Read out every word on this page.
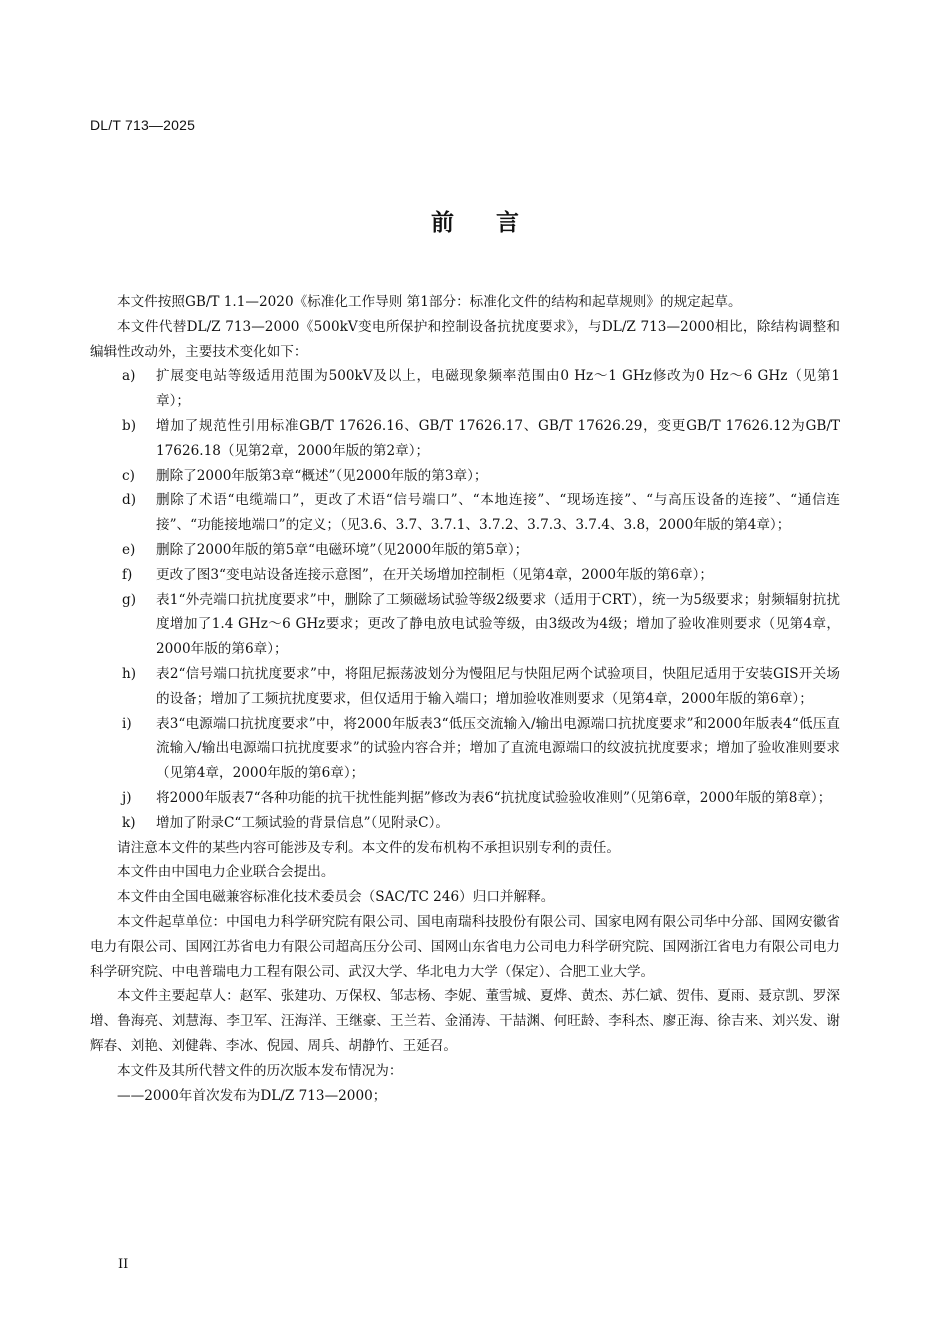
DL/T 713—2025
前言

本文件按照GB/T 1.1—2020《标准化工作导则 第1部分：标准化文件的结构和起草规则》的规定起草。

本文件代替DL/Z 713—2000《500kV变电所保护和控制设备抗扰度要求》，与DL/Z 713—2000相比，除结构调整和编辑性改动外，主要技术变化如下：

a) 扩展变电站等级适用范围为500kV及以上，电磁现象频率范围由0 Hz～1 GHz修改为0 Hz～6 GHz（见第1章）；
b) 增加了规范性引用标准GB/T 17626.16、GB/T 17626.17、GB/T 17626.29，变更GB/T 17626.12为GB/T 17626.18（见第2章，2000年版的第2章）；
c) 删除了2000年版第3章“概述”（见2000年版的第3章）；
d) 删除了术语“电缆端口”，更改了术语“信号端口”、“本地连接”、“现场连接”、“与高压设备的连接”、“通信连接”、“功能接地端口”的定义；（见3.6、3.7、3.7.1、3.7.2、3.7.3、3.7.4、3.8，2000年版的第4章）；
e) 删除了2000年版的第5章“电磁环境”（见2000年版的第5章）；
f) 更改了图3“变电站设备连接示意图”，在开关场增加控制柜（见第4章，2000年版的第6章）；
g) 表1“外壳端口抗扰度要求”中，删除了工频磁场试验等级2级要求（适用于CRT），统一为5级要求；射频辐射抗扰度增加了1.4 GHz～6 GHz要求；更改了静电放电试验等级，由3级改为4级；增加了验收准则要求（见第4章，2000年版的第6章）；
h) 表2“信号端口抗扰度要求”中，将阻尼振荡波划分为慢阻尼与快阻尼两个试验项目，快阻尼适用于安装GIS开关场的设备；增加了工频抗扰度要求，但仅适用于输入端口；增加验收准则要求（见第4章，2000年版的第6章）；
i) 表3“电源端口抗扰度要求”中，将2000年版表3“低压交流输入/输出电源端口抗扰度要求”和2000年版表4“低压直流输入/输出电源端口抗扰度要求”的试验内容合并；增加了直流电源端口的纹波抗扰度要求；增加了验收准则要求（见第4章，2000年版的第6章）；
j) 将2000年版表7“各种功能的抗干扰性能判据”修改为表6“抗扰度试验验收准则”（见第6章，2000年版的第8章）；
k) 增加了附录C“工频试验的背景信息”（见附录C）。

请注意本文件的某些内容可能涉及专利。本文件的发布机构不承担识别专利的责任。

本文件由中国电力企业联合会提出。

本文件由全国电磁兼容标准化技术委员会（SAC/TC 246）归口并解释。

本文件起草单位：中国电力科学研究院有限公司、国电南瑞科技股份有限公司、国家电网有限公司华中分部、国网安徽省电力有限公司、国网江苏省电力有限公司超高压分公司、国网山东省电力公司电力科学研究院、国网浙江省电力有限公司电力科学研究院、中电普瑞电力工程有限公司、武汉大学、华北电力大学（保定）、合肥工业大学。

本文件主要起草人：赵军、张建功、万保权、邹志杨、李妮、董雪城、夏烨、黄杰、苏仁斌、贺伟、夏雨、聂京凯、罗深增、鲁海亮、刘慧海、李卫军、汪海洋、王继豪、王兰若、金涌涛、干喆渊、何旺龄、李科杰、廖正海、徐吉来、刘兴发、谢辉春、刘艳、刘健犇、李冰、倪园、周兵、胡静竹、王延召。

本文件及其所代替文件的历次版本发布情况为：

——2000年首次发布为DL/Z 713—2000；

II
